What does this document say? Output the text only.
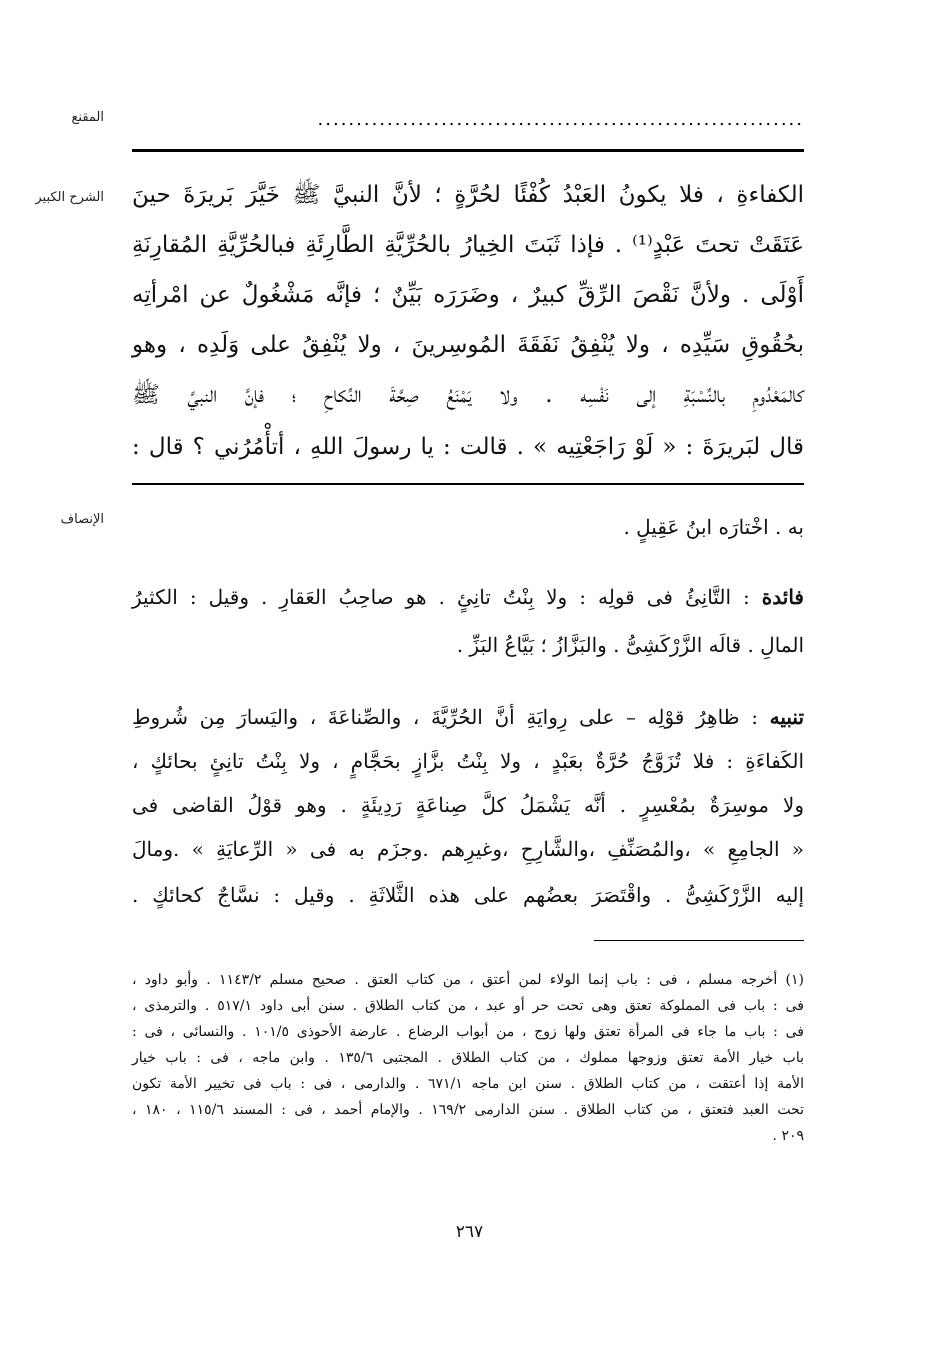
المقنع	...............................................................
الشرح الكبير الكفاءةِ ، فلا يكونُ العَبْدُ كُفْئًا لحُرَّةٍ ؛ لأنَّ النبيَّ ﷺ خَيَّرَ بَريرَةَ حينَ
عَتَقَتْ تحتَ عَبْدٍ⁽¹⁾ . فإذا ثَبَتَ الخِيارُ بالحُرِّيَّةِ الطَّارِئَةِ فبالحُرِّيَّةِ المُقارِنَةِ
أَوْلَى . ولأنَّ نَقْصَ الرِّقِّ كبيرٌ ، وضَرَرَه بَيِّنٌ ؛ فإنَّه مَشْغُولٌ عن امْرأتِه
بحُقُوقِ سَيِّدِه ، ولا يُنْفِقُ نَفَقَةَ المُوسِرينَ ، ولا يُنْفِقُ على وَلَدِه ، وهو
كالمَعْدُومِ بالنِّسْبَةِ إلى نَفْسِه . ولا يَمْنَعُ صِحَّةَ النِّكاحِ ؛ فإنَّ النبيَّ ﷺ
قال لبَريرَةَ : « لَوْ رَاجَعْتِيه » . قالت : يا رسولَ اللهِ ، أتأْمُرُني ؟ قال :
الإنصاف	به . اخْتارَه ابنُ عَقِيلٍ .
فائدة : التَّانِئُ فى قولِه : ولا بِنْتُ تانِئٍ . هو صاحِبُ العَقارِ . وقيل : الكثيرُ
المالِ . قالَه الزَّرْكَشِىُّ . والبَزَّازُ ؛ بَيَّاعُ البَزِّ .
تنبيه : ظاهِرُ قوْلِه – على رِوايَةِ أنَّ الحُرِّيَّةَ ، والصِّناعَةَ ، واليَسارَ مِن شُروطِ
الكَفاءَةِ : فلا تُزَوَّجُ حُرَّةٌ بعَبْدٍ ، ولا بِنْتُ بزَّازٍ بحَجَّامٍ ، ولا بِنْتُ تانِئٍ بحائكٍ ،
ولا موسِرَةٌ بمُعْسِرٍ . أنَّه يَشْمَلُ كلَّ صِناعَةٍ رَدِيئَةٍ . وهو قوْلُ القاضى فى
« الجامِعِ » ،والمُصَنِّفِ ،والشَّارِحِ ،وغيرِهم .وجزَم به فى « الرِّعايَةِ » .ومالَ
إليه الزَّرْكَشِىُّ . واقْتَصَرَ بعضُهم على هذه الثَّلاثَةِ . وقيل : نسَّاجٌ كحائكٍ .
(١) أخرجه مسلم ، فى : باب إنما الولاء لمن أعتق ، من كتاب العتق . صحيح مسلم ١١٤٣/٢ . وأبو داود ،
فى : باب فى المملوكة تعتق وهى تحت حر أو عبد ، من كتاب الطلاق . سنن أبى داود ٥١٧/١ . والترمذى ،
فى : باب ما جاء فى المرأة تعتق ولها زوج ، من أبواب الرضاع . عارضة الأحوذى ١٠١/٥ . والنسائى ، فى :
باب خيار الأمة تعتق وزوجها مملوك ، من كتاب الطلاق . المجتبى ١٣٥/٦ . وابن ماجه ، فى : باب خيار
الأمة إذا أعتقت ، من كتاب الطلاق . سنن ابن ماجه ٦٧١/١ . والدارمى ، فى : باب فى تخيير الأمة تكون
تحت العبد فتعتق ، من كتاب الطلاق . سنن الدارمى ١٦٩/٢ . والإمام أحمد ، فى : المسند ١١٥/٦ ، ١٨٠ ،
٢٠٩ .
٢٦٧
